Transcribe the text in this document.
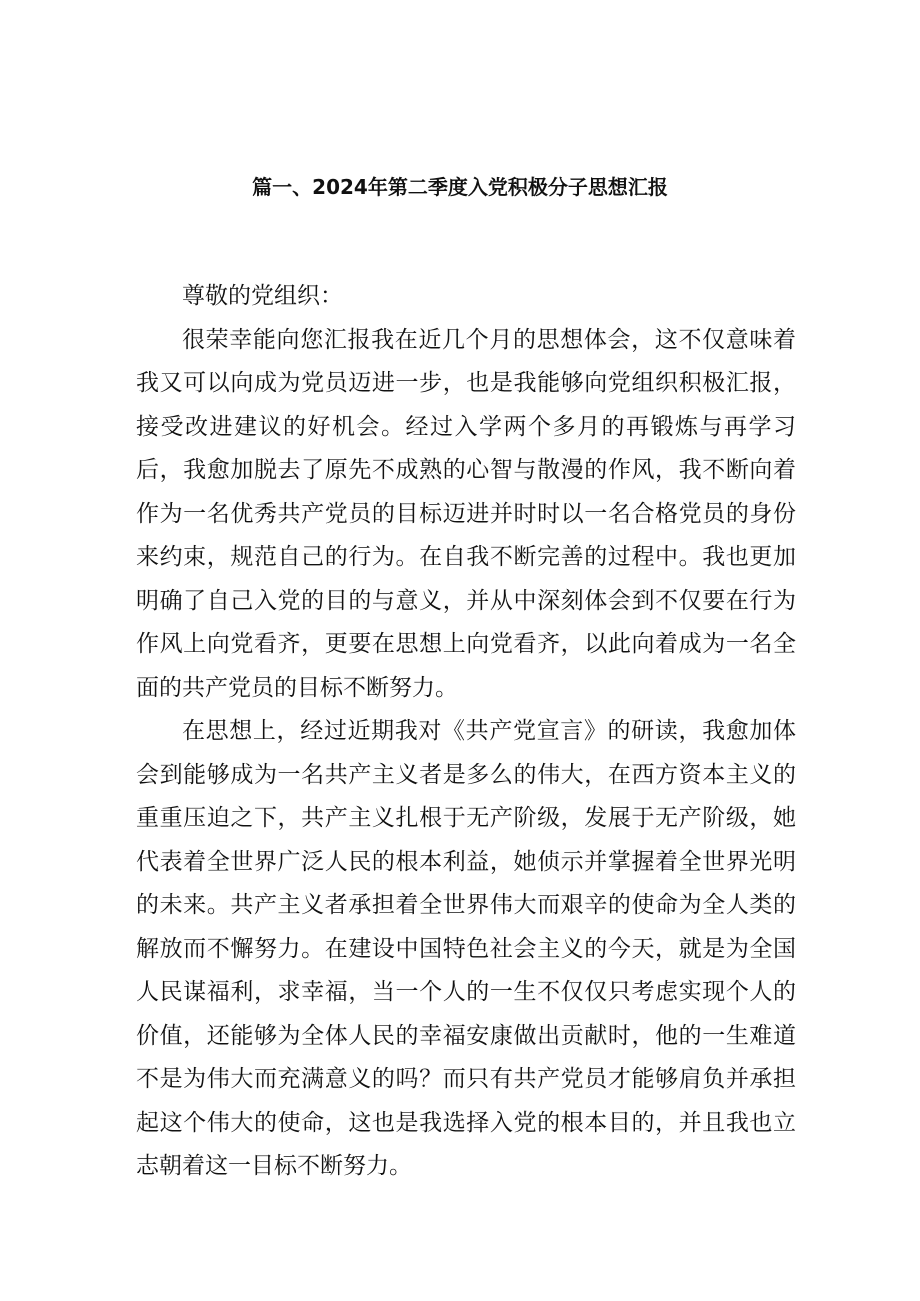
篇一、2024年第二季度入党积极分子思想汇报

尊敬的党组织：

很荣幸能向您汇报我在近几个月的思想体会，这不仅意味着我又可以向成为党员迈进一步，也是我能够向党组织积极汇报，接受改进建议的好机会。经过入学两个多月的再锻炼与再学习后，我愈加脱去了原先不成熟的心智与散漫的作风，我不断向着作为一名优秀共产党员的目标迈进并时时以一名合格党员的身份来约束，规范自己的行为。在自我不断完善的过程中。我也更加明确了自己入党的目的与意义，并从中深刻体会到不仅要在行为作风上向党看齐，更要在思想上向党看齐，以此向着成为一名全面的共产党员的目标不断努力。

在思想上，经过近期我对《共产党宣言》的研读，我愈加体会到能够成为一名共产主义者是多么的伟大，在西方资本主义的重重压迫之下，共产主义扎根于无产阶级，发展于无产阶级，她代表着全世界广泛人民的根本利益，她侦示并掌握着全世界光明的未来。共产主义者承担着全世界伟大而艰辛的使命为全人类的解放而不懈努力。在建设中国特色社会主义的今天，就是为全国人民谋福利，求幸福，当一个人的一生不仅仅只考虑实现个人的价值，还能够为全体人民的幸福安康做出贡献时，他的一生难道不是为伟大而充满意义的吗？而只有共产党员才能够肩负并承担起这个伟大的使命，这也是我选择入党的根本目的，并且我也立志朝着这一目标不断努力。
